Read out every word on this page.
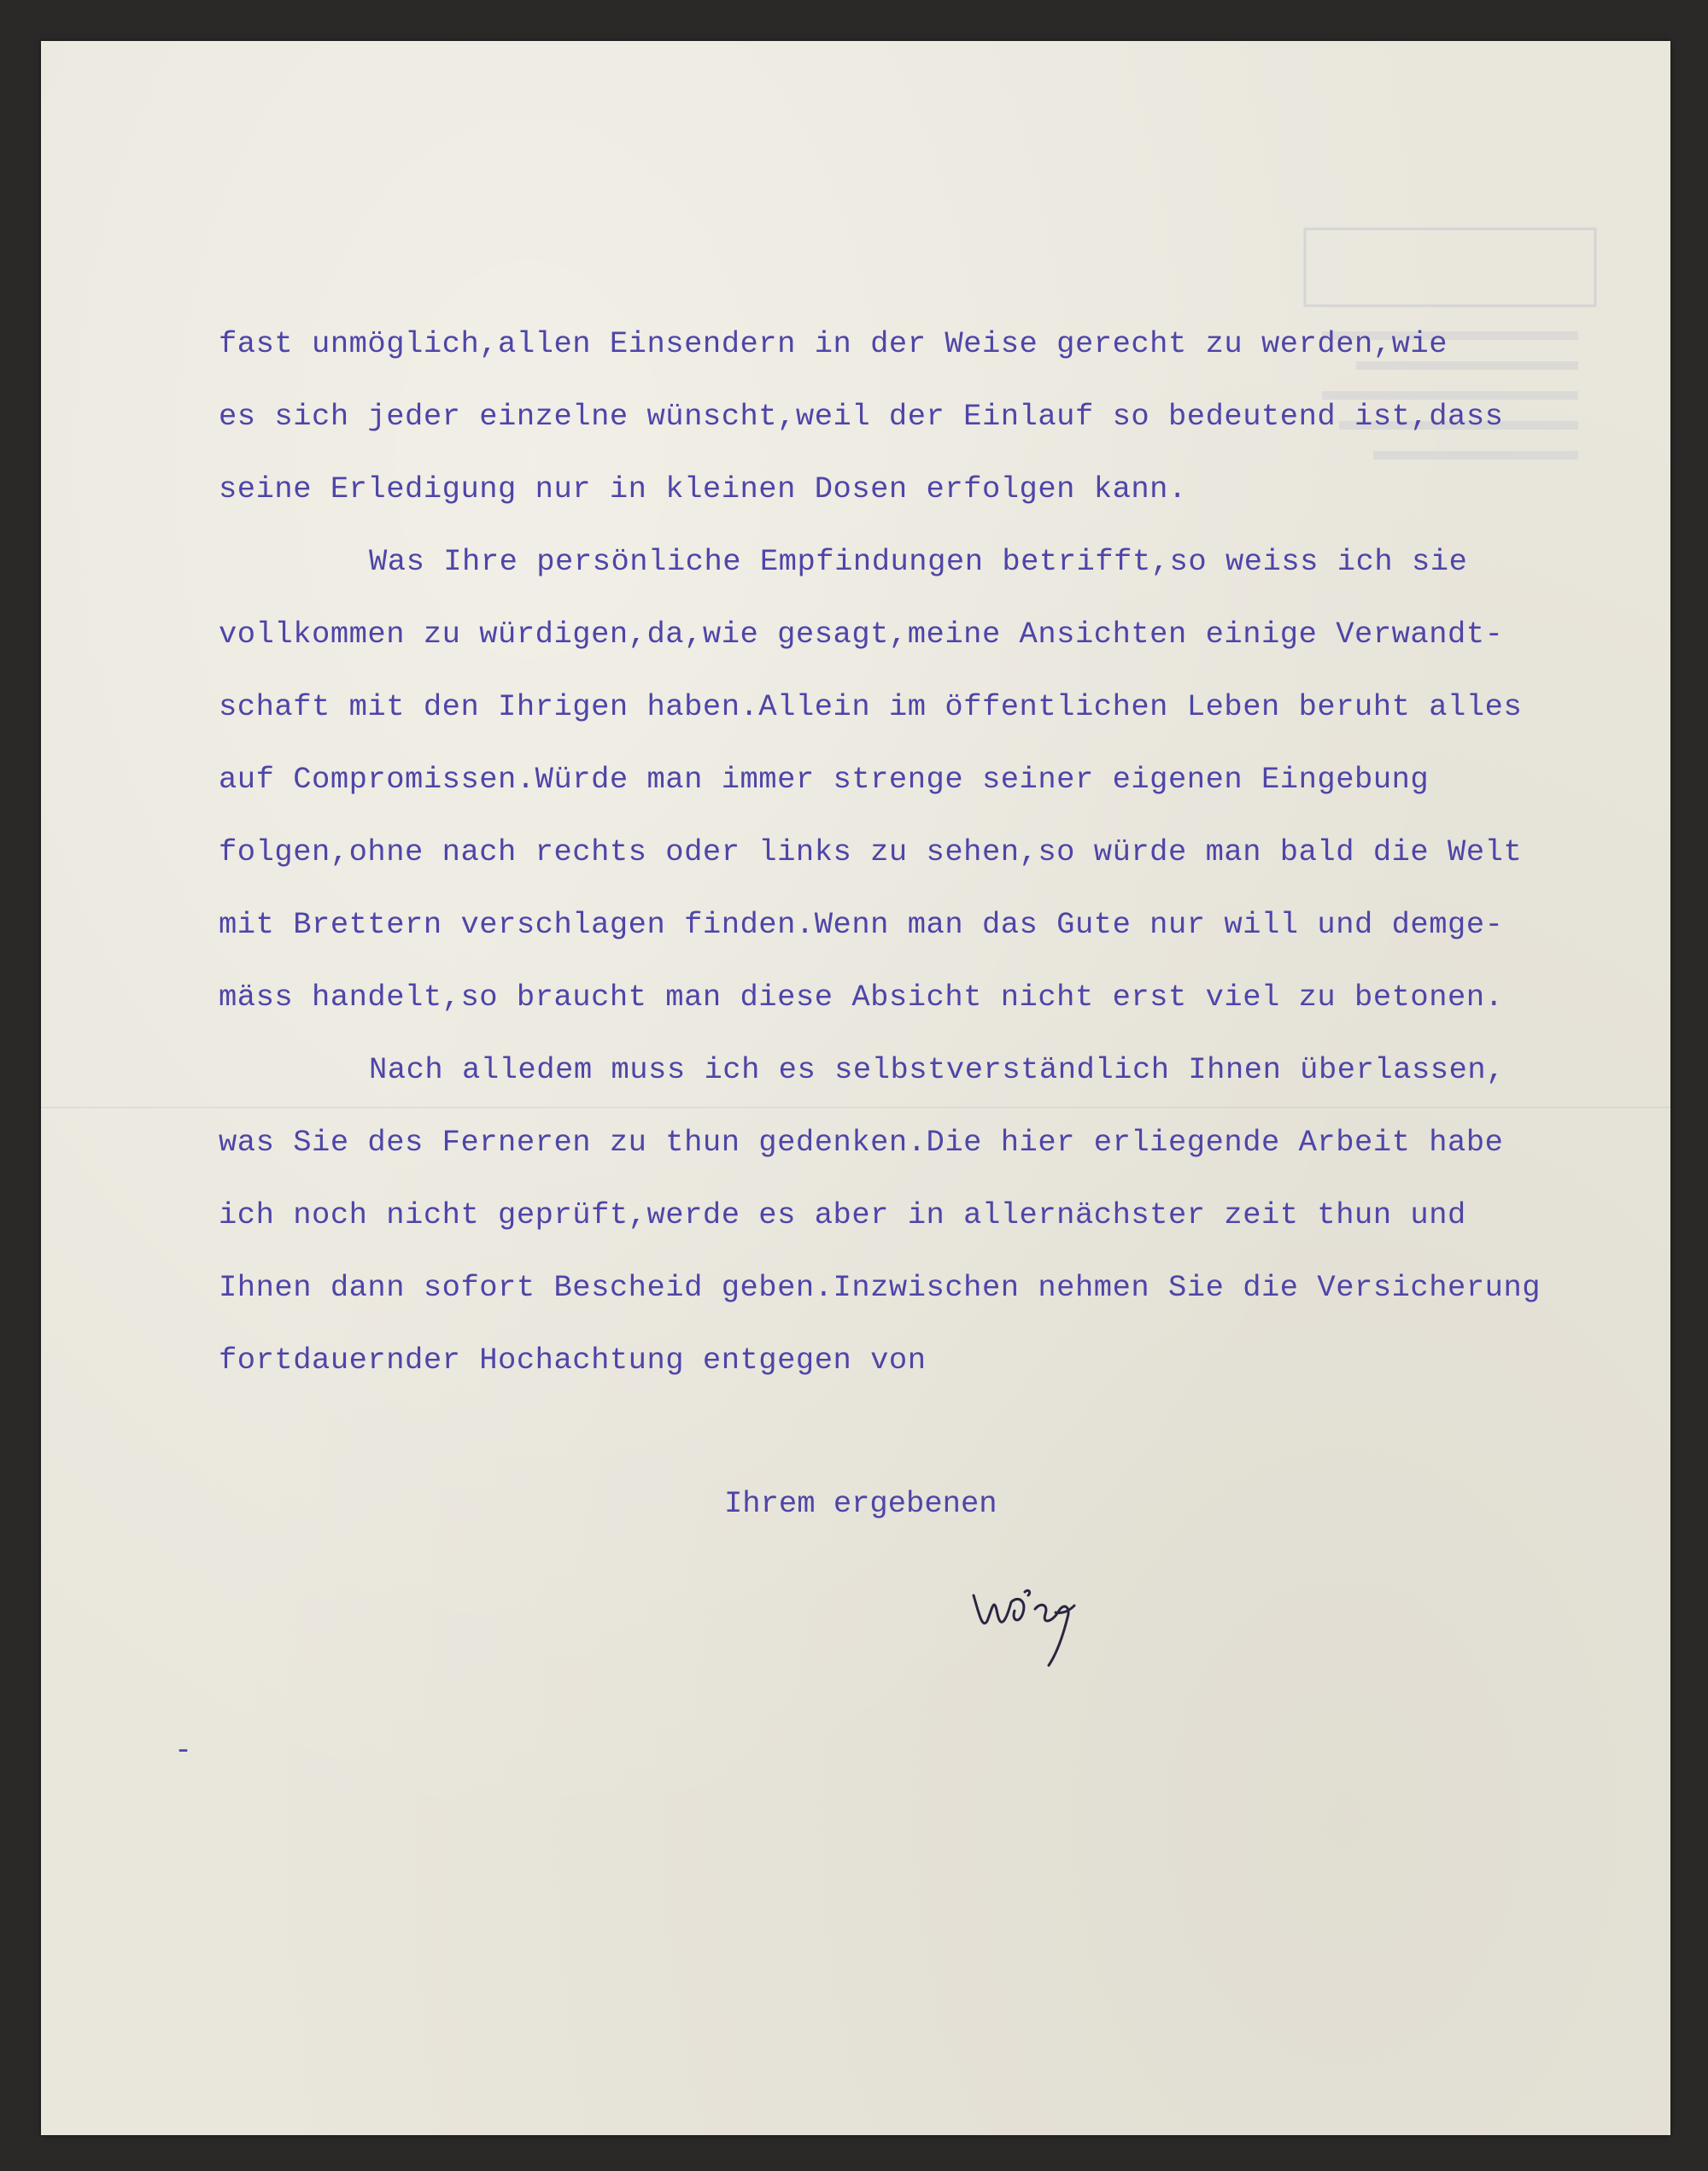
fast unmöglich,allen Einsendern in der Weise gerecht zu werden,wie
es sich jeder einzelne wünscht,weil der Einlauf so bedeutend ist,dass
seine Erledigung nur in kleinen Dosen erfolgen kann.
Was Ihre persönliche Empfindungen betrifft,so weiss ich sie
vollkommen zu würdigen,da,wie gesagt,meine Ansichten einige Verwandt-
schaft mit den Ihrigen haben.Allein im öffentlichen Leben beruht alles
auf Compromissen.Würde man immer strenge seiner eigenen Eingebung
folgen,ohne nach rechts oder links zu sehen,so würde man bald die Welt
mit Brettern verschlagen finden.Wenn man das Gute nur will und demge-
mäss handelt,so braucht man diese Absicht nicht erst viel zu betonen.
Nach alledem muss ich es selbstverständlich Ihnen überlassen,
was Sie des Ferneren zu thun gedenken.Die hier erliegende Arbeit habe
ich noch nicht geprüft,werde es aber in allernächster zeit thun und
Ihnen dann sofort Bescheid geben.Inzwischen nehmen Sie die Versicherung
fortdauernder Hochachtung entgegen von
Ihrem ergebenen
-
